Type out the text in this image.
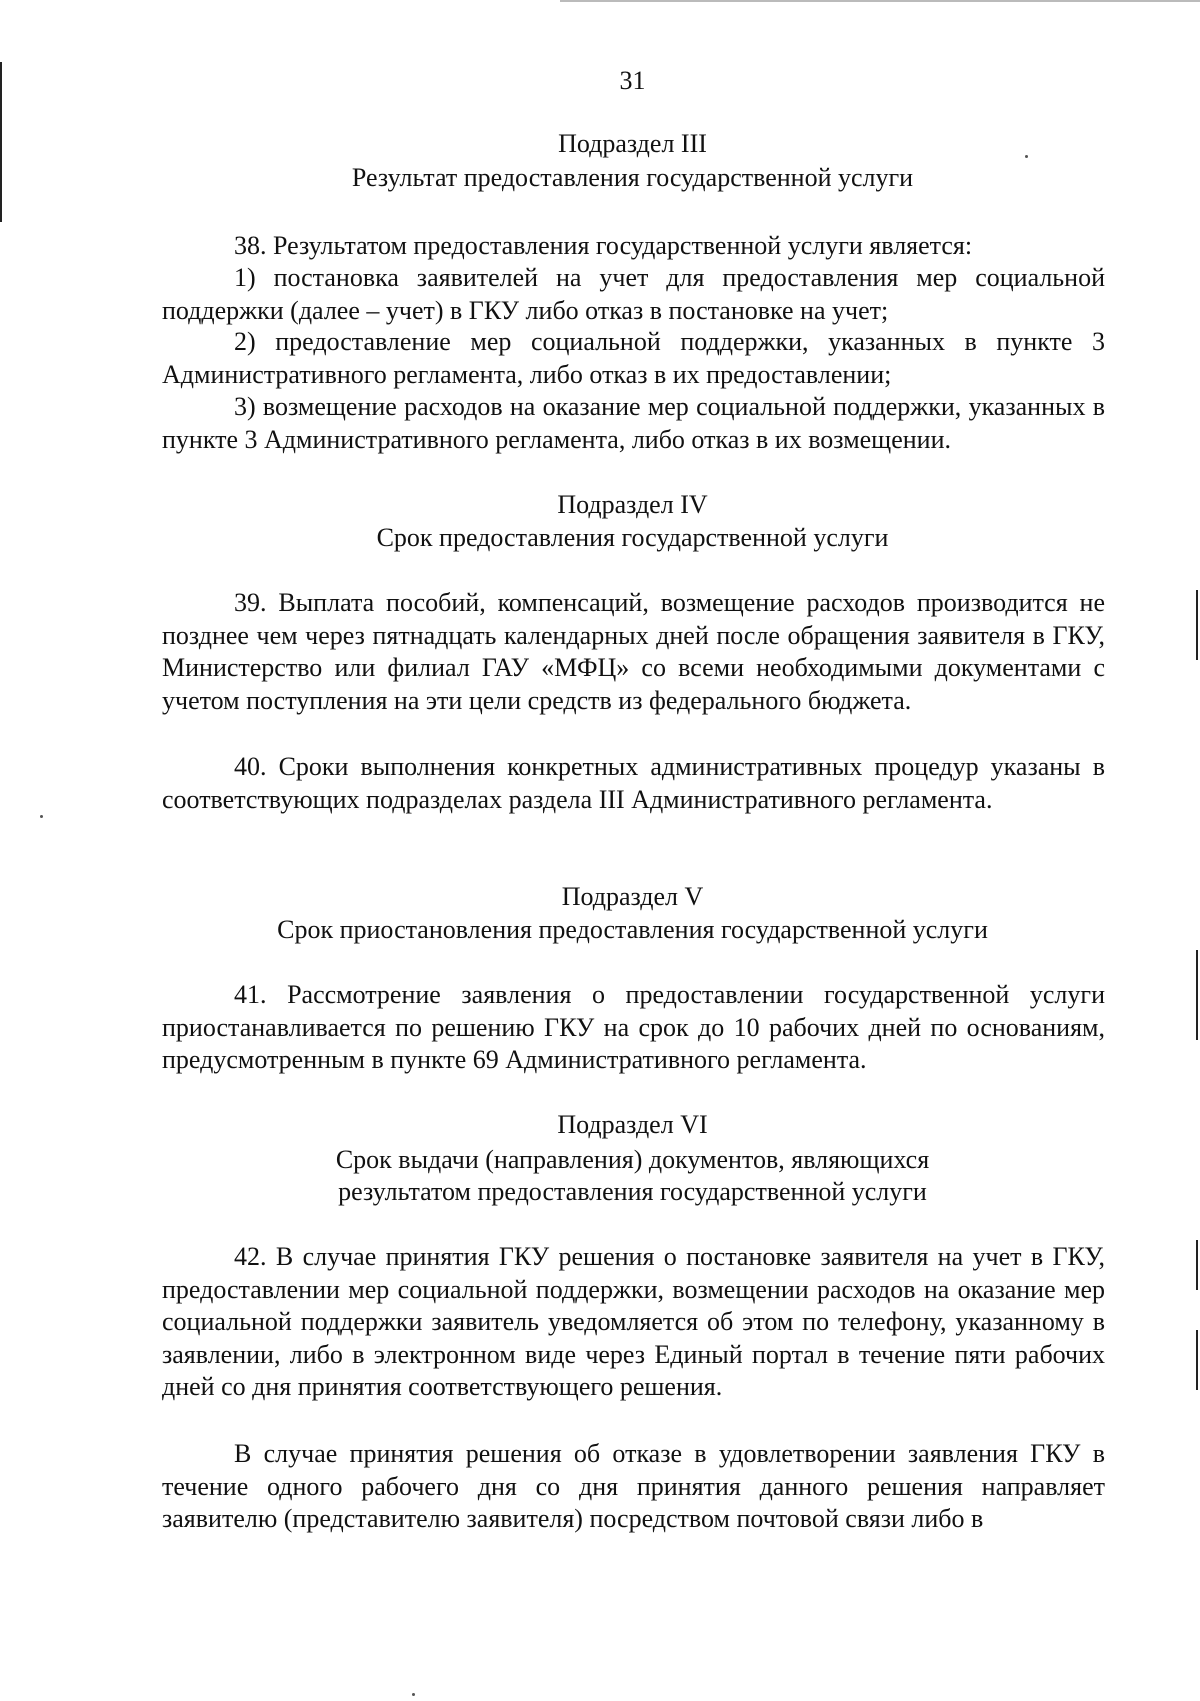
31
Подраздел III
Результат предоставления государственной услуги
38. Результатом предоставления государственной услуги является:
1) постановка заявителей на учет для предоставления мер социальной поддержки (далее – учет) в ГКУ либо отказ в постановке на учет;
2) предоставление мер социальной поддержки, указанных в пункте 3 Административного регламента, либо отказ в их предоставлении;
3) возмещение расходов на оказание мер социальной поддержки, указанных в пункте 3 Административного регламента, либо отказ в их возмещении.
Подраздел IV
Срок предоставления государственной услуги
39. Выплата пособий, компенсаций, возмещение расходов производится не позднее чем через пятнадцать календарных дней после обращения заявителя в ГКУ, Министерство или филиал ГАУ «МФЦ» со всеми необходимыми документами с учетом поступления на эти цели средств из федерального бюджета.
40. Сроки выполнения конкретных административных процедур указаны в соответствующих подразделах раздела III Административного регламента.
Подраздел V
Срок приостановления предоставления государственной услуги
41. Рассмотрение заявления о предоставлении государственной услуги приостанавливается по решению ГКУ на срок до 10 рабочих дней по основаниям, предусмотренным в пункте 69 Административного регламента.
Подраздел VI
Срок выдачи (направления) документов, являющихся
результатом предоставления государственной услуги
42. В случае принятия ГКУ решения о постановке заявителя на учет в ГКУ, предоставлении мер социальной поддержки, возмещении расходов на оказание мер социальной поддержки заявитель уведомляется об этом по телефону, указанному в заявлении, либо в электронном виде через Единый портал в течение пяти рабочих дней со дня принятия соответствующего решения.
В случае принятия решения об отказе в удовлетворении заявления ГКУ в течение одного рабочего дня со дня принятия данного решения направляет заявителю (представителю заявителя) посредством почтовой связи либо в
